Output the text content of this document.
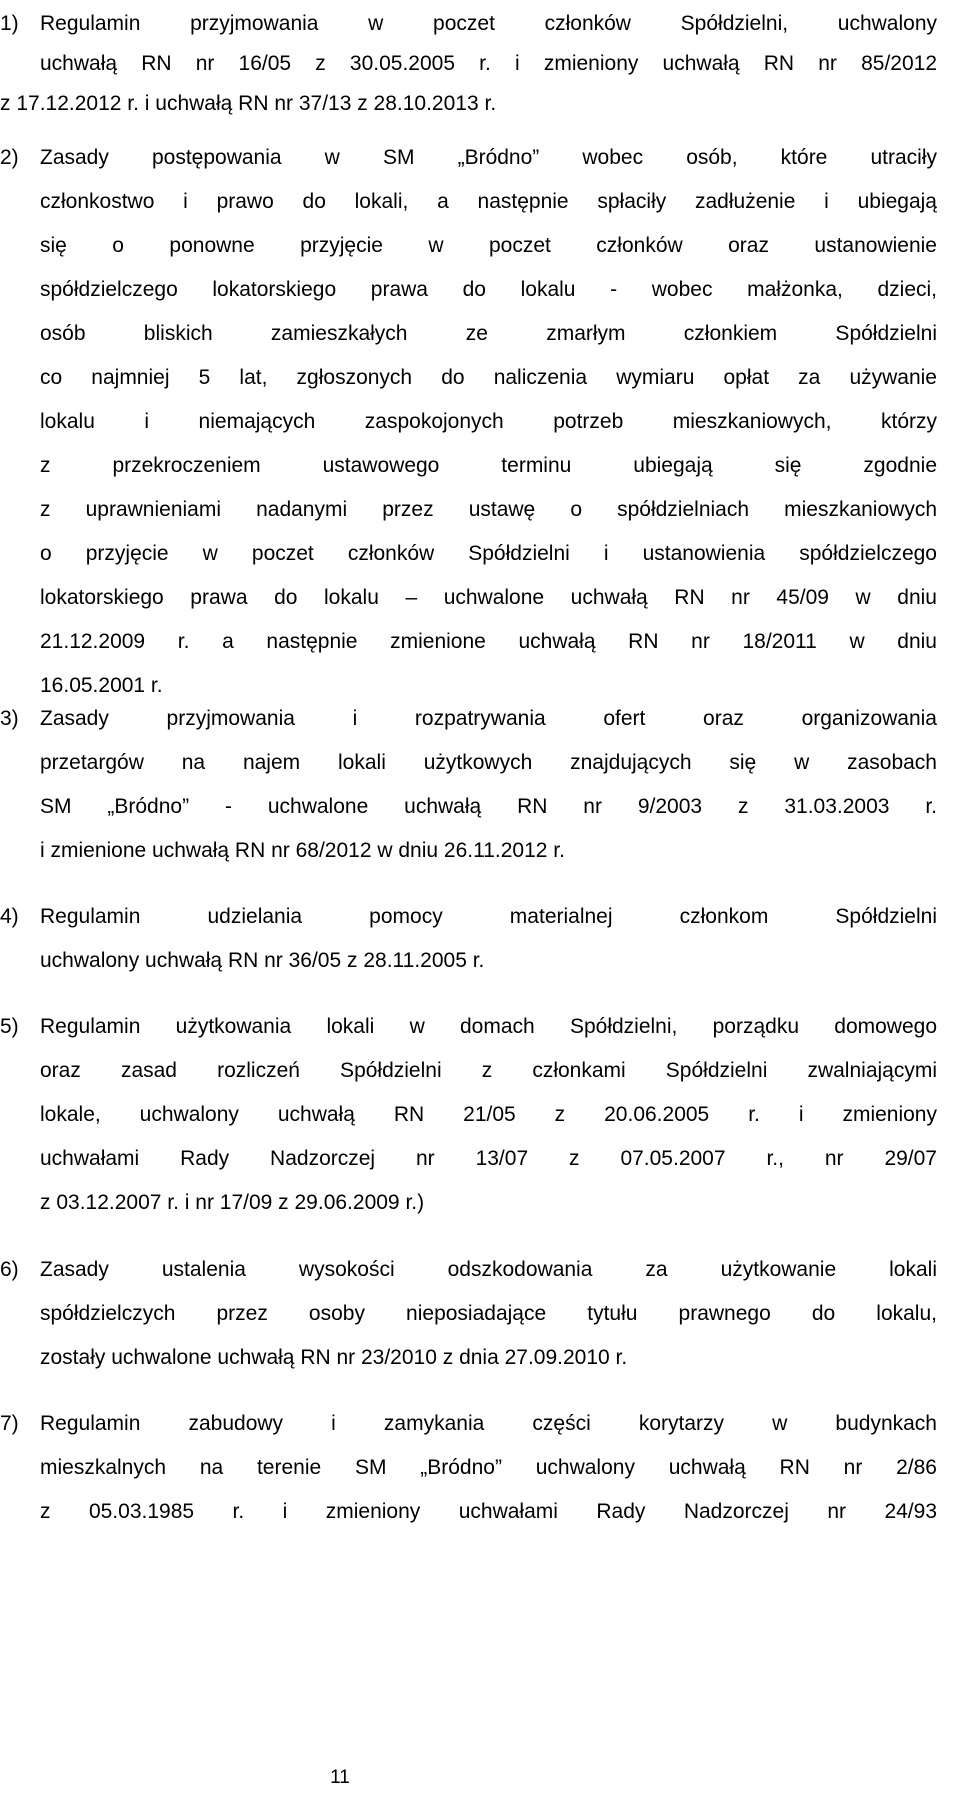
1) Regulamin przyjmowania w poczet członków Spółdzielni, uchwalony
uchwałą RN nr 16/05 z 30.05.2005 r. i zmieniony uchwałą RN nr 85/2012
z 17.12.2012 r. i uchwałą RN nr 37/13 z 28.10.2013 r.
2) Zasady postępowania w SM „Bródno” wobec osób, które utraciły
członkostwo i prawo do lokali, a następnie spłaciły zadłużenie i ubiegają
się o ponowne przyjęcie w poczet członków oraz ustanowienie
spółdzielczego lokatorskiego prawa do lokalu - wobec małżonka, dzieci,
osób bliskich zamieszkałych ze zmarłym członkiem Spółdzielni
co najmniej 5 lat, zgłoszonych do naliczenia wymiaru opłat za używanie
lokalu i niemających zaspokojonych potrzeb mieszkaniowych, którzy
z przekroczeniem ustawowego terminu ubiegają się zgodnie
z uprawnieniami nadanymi przez ustawę o spółdzielniach mieszkaniowych
o przyjęcie w poczet członków Spółdzielni i ustanowienia spółdzielczego
lokatorskiego prawa do lokalu – uchwalone uchwałą RN nr 45/09 w dniu
21.12.2009 r. a następnie zmienione uchwałą RN nr 18/2011 w dniu
16.05.2001 r.
3) Zasady przyjmowania i rozpatrywania ofert oraz organizowania
przetargów na najem lokali użytkowych znajdujących się w zasobach
SM „Bródno” - uchwalone uchwałą RN nr 9/2003 z 31.03.2003 r.
i zmienione uchwałą RN nr 68/2012 w dniu 26.11.2012 r.
4) Regulamin udzielania pomocy materialnej członkom Spółdzielni
uchwalony uchwałą RN nr 36/05 z 28.11.2005 r.
5) Regulamin użytkowania lokali w domach Spółdzielni, porządku domowego
oraz zasad rozliczeń Spółdzielni z członkami Spółdzielni zwalniającymi
lokale, uchwalony uchwałą RN 21/05 z 20.06.2005 r. i zmieniony
uchwałami Rady Nadzorczej nr 13/07 z 07.05.2007 r., nr 29/07
z 03.12.2007 r. i nr 17/09 z 29.06.2009 r.)
6) Zasady ustalenia wysokości odszkodowania za użytkowanie lokali
spółdzielczych przez osoby nieposiadające tytułu prawnego do lokalu,
zostały uchwalone uchwałą RN nr 23/2010 z dnia 27.09.2010 r.
7) Regulamin zabudowy i zamykania części korytarzy w budynkach
mieszkalnych na terenie SM „Bródno” uchwalony uchwałą RN nr 2/86
z 05.03.1985 r. i zmieniony uchwałami Rady Nadzorczej nr 24/93
11
